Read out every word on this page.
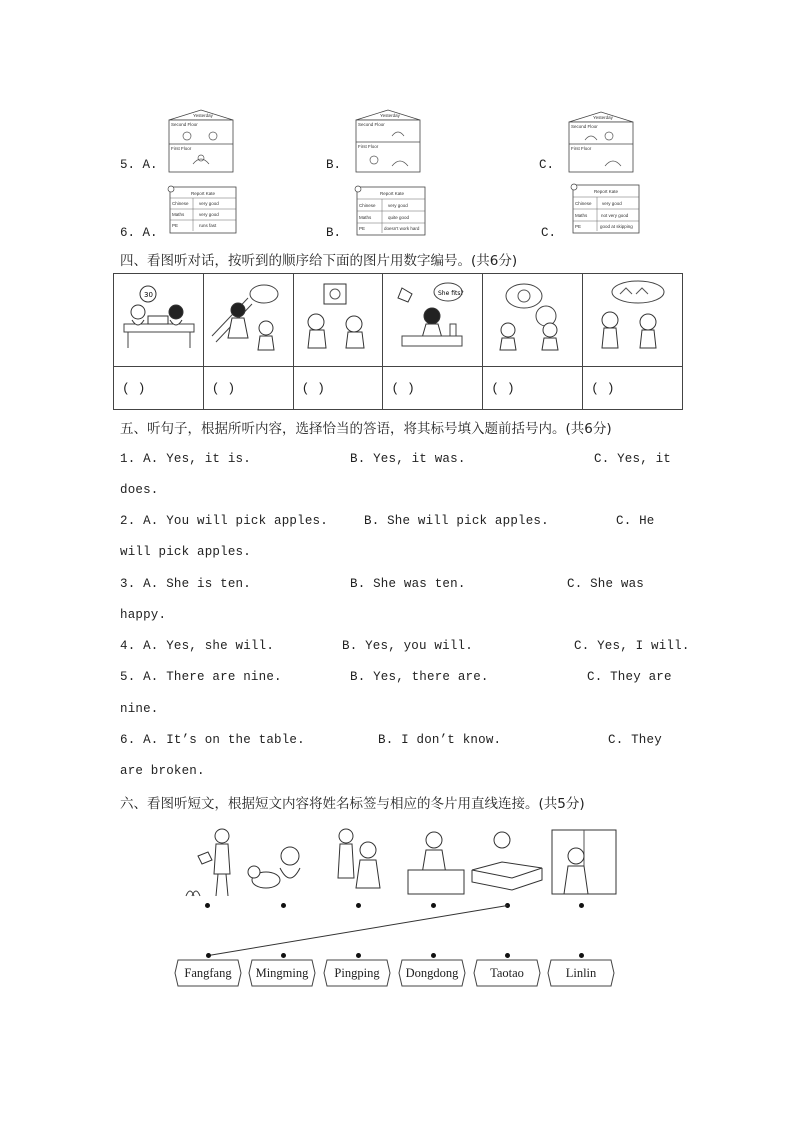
5. A.	B.	C.
Yesterday
Second Floor
First Floor
Yesterday
Second Floor
First Floor
Yesterday
Second Floor
First Floor
6. A.	B.	C.
Report Kate
Chinese very good
Maths	very good
PE	runs fast
Report Kate
Chinese	very good
Maths	quite good
PE	doesn't work hard
Report Kate
Chinese very good
Maths	not very good
PE	good at skipping
四、看图听对话，按听到的顺序给下面的图片用数字编号。(共6分)
30			She fits?

( )	( )	( )	( )	( )	( )
五、听句子，根据所听内容，选择恰当的答语，将其标号填入题前括号内。(共6分)
1. A. Yes, it is.	B. Yes, it was.	C. Yes, it
does.
2. A. You will pick apples.	B. She will pick apples.	C. He
will pick apples.
3. A. She is ten.	B. She was ten.	C. She was
happy.
4. A. Yes, she will.	B. Yes, you will.	C. Yes, I will.
5. A. There are nine.	B. Yes, there are.	C. They are
nine.
6. A. It’s on the table.	B. I don’t know.	C. They
are broken.
六、看图听短文，根据短文内容将姓名标签与相应的冬片用直线连接。(共5分)
Fangfang	Mingming	Pingping	Dongdong	Taotao	Linlin
